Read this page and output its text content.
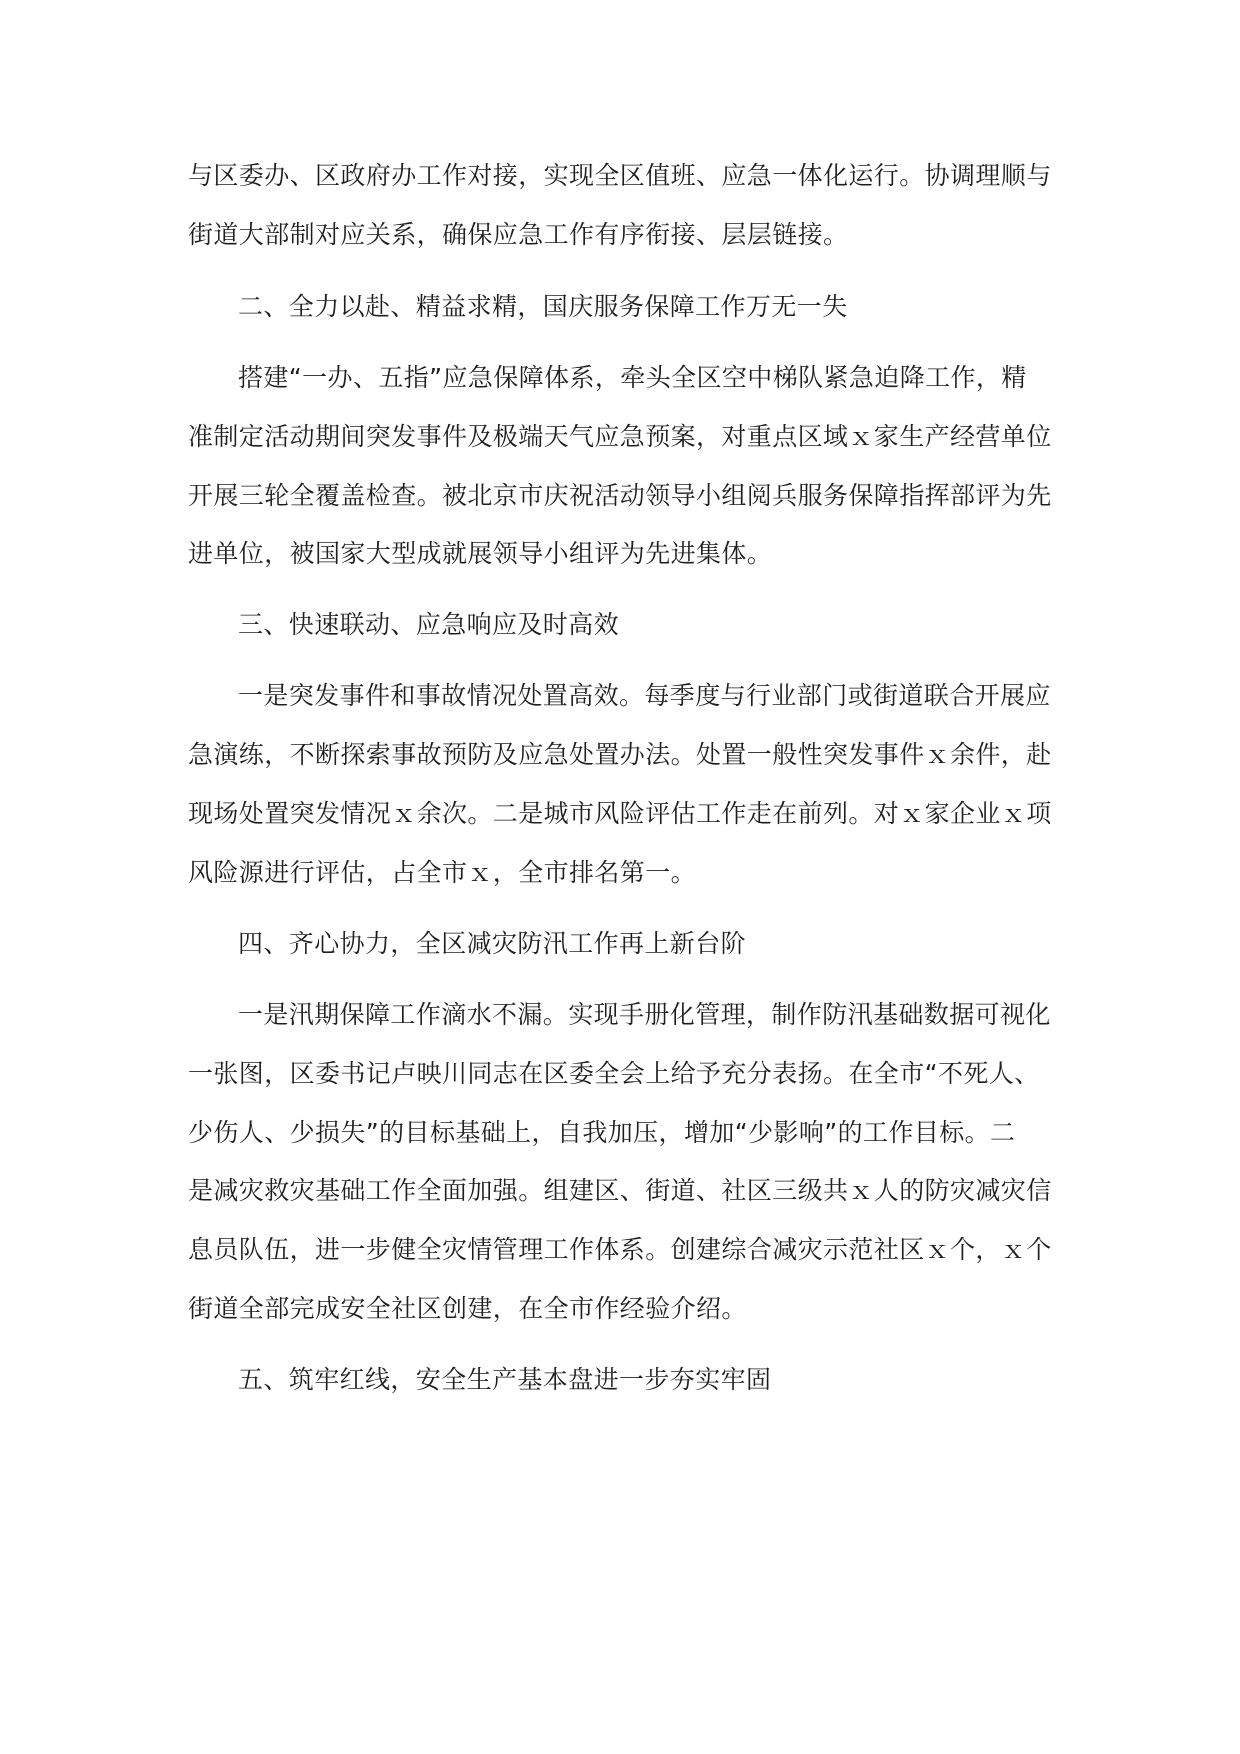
与区委办、区政府办工作对接，实现全区值班、应急一体化运行。协调理顺与
街道大部制对应关系，确保应急工作有序衔接、层层链接。
二、全力以赴、精益求精，国庆服务保障工作万无一失
搭建“一办、五指”应急保障体系，牵头全区空中梯队紧急迫降工作，精
准制定活动期间突发事件及极端天气应急预案，对重点区域ｘ家生产经营单位
开展三轮全覆盖检查。被北京市庆祝活动领导小组阅兵服务保障指挥部评为先
进单位，被国家大型成就展领导小组评为先进集体。
三、快速联动、应急响应及时高效
一是突发事件和事故情况处置高效。每季度与行业部门或街道联合开展应
急演练，不断探索事故预防及应急处置办法。处置一般性突发事件ｘ余件，赴
现场处置突发情况ｘ余次。二是城市风险评估工作走在前列。对ｘ家企业ｘ项
风险源进行评估，占全市ｘ，全市排名第一。
四、齐心协力，全区减灾防汛工作再上新台阶
一是汛期保障工作滴水不漏。实现手册化管理，制作防汛基础数据可视化
一张图，区委书记卢映川同志在区委全会上给予充分表扬。在全市“不死人、
少伤人、少损失”的目标基础上，自我加压，增加“少影响”的工作目标。二
是减灾救灾基础工作全面加强。组建区、街道、社区三级共ｘ人的防灾减灾信
息员队伍，进一步健全灾情管理工作体系。创建综合减灾示范社区ｘ个，ｘ个
街道全部完成安全社区创建，在全市作经验介绍。
五、筑牢红线，安全生产基本盘进一步夯实牢固
